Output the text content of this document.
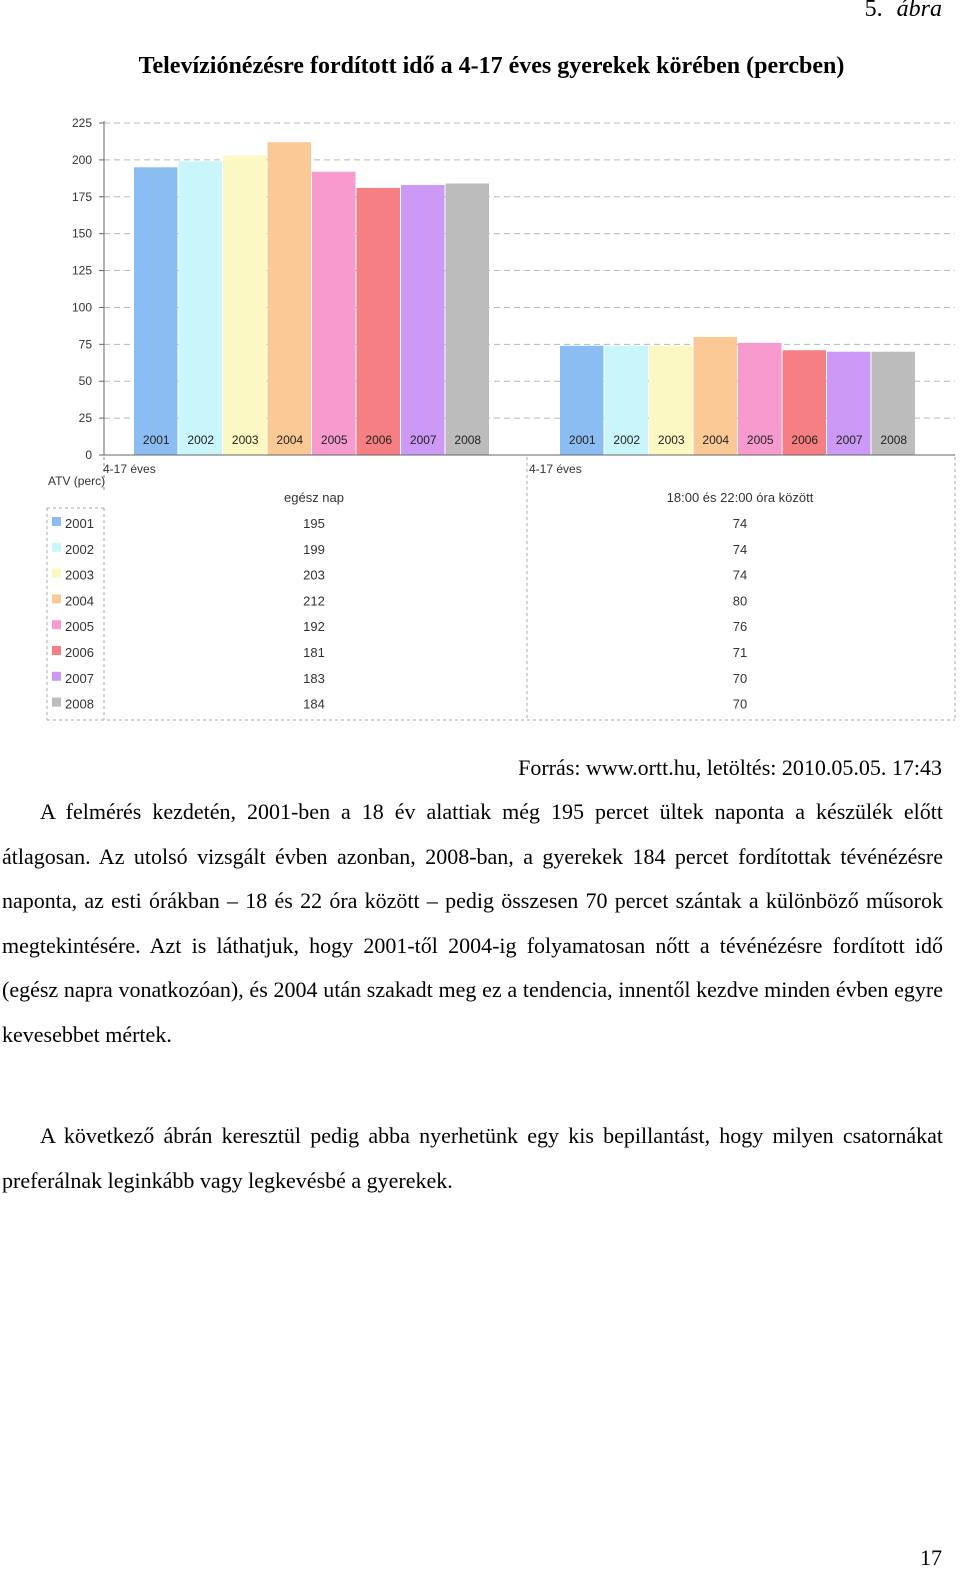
5. ábra
Televíziónézésre fordított idő a 4-17 éves gyerekek körében (percben)
0
25
50
75
100
125
150
175
200
225
2001 2002 2003 2004 2005 2006 2007 2008	2001 2002 2003 2004 2005 2006 2007 2008
ATV (perc)
4-17 éves	4-17 éves
egész nap	18:00 és 22:00 óra között
2001	195	74
2002	199	74
2003	203	74
2004	212	80
2005	192	76
2006	181	71
2007	183	70
2008	184	70
Forrás: www.ortt.hu, letöltés: 2010.05.05. 17:43

A felmérés kezdetén, 2001-ben a 18 év alattiak még 195 percet ültek naponta a készülék előtt átlagosan. Az utolsó vizsgált évben azonban, 2008-ban, a gyerekek 184 percet fordítottak tévénézésre naponta, az esti órákban – 18 és 22 óra között – pedig összesen 70 percet szántak a különböző műsorok megtekintésére. Azt is láthatjuk, hogy 2001-től 2004-ig folyamatosan nőtt a tévénézésre fordított idő (egész napra vonatkozóan), és 2004 után szakadt meg ez a tendencia, innentől kezdve minden évben egyre kevesebbet mértek.

A következő ábrán keresztül pedig abba nyerhetünk egy kis bepillantást, hogy milyen csatornákat preferálnak leginkább vagy legkevésbé a gyerekek.

17
